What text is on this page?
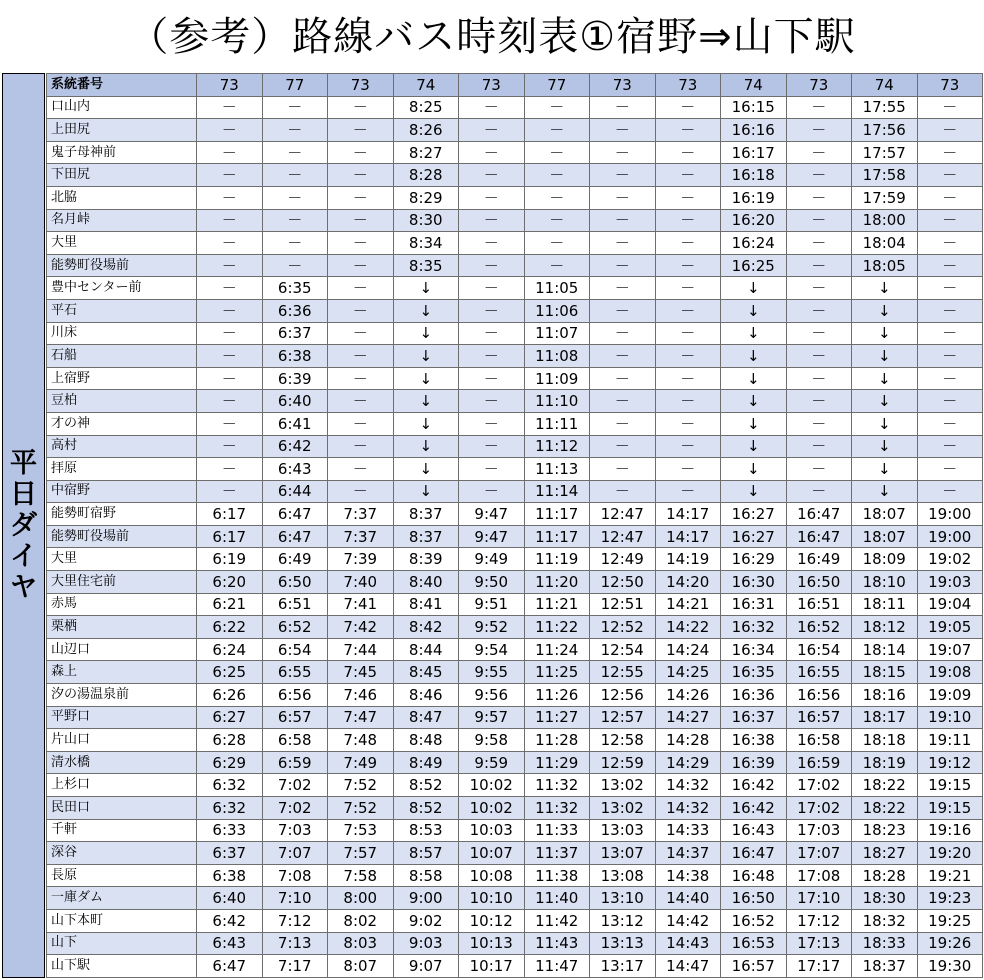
（参考）路線バス時刻表①宿野⇒山下駅
平
日
ダ
イ
ヤ
系統番号	73	77	73	74	73	77	73	73	74	73	74	73
口山内	－	－	－	8:25	－	－	－	－	16:15	－	17:55	－
上田尻	－	－	－	8:26	－	－	－	－	16:16	－	17:56	－
鬼子母神前	－	－	－	8:27	－	－	－	－	16:17	－	17:57	－
下田尻	－	－	－	8:28	－	－	－	－	16:18	－	17:58	－
北脇	－	－	－	8:29	－	－	－	－	16:19	－	17:59	－
名月峠	－	－	－	8:30	－	－	－	－	16:20	－	18:00	－
大里	－	－	－	8:34	－	－	－	－	16:24	－	18:04	－
能勢町役場前	－	－	－	8:35	－	－	－	－	16:25	－	18:05	－
豊中センター前	－	6:35	－	↓	－	11:05	－	－	↓	－	↓	－
平石	－	6:36	－	↓	－	11:06	－	－	↓	－	↓	－
川床	－	6:37	－	↓	－	11:07	－	－	↓	－	↓	－
石船	－	6:38	－	↓	－	11:08	－	－	↓	－	↓	－
上宿野	－	6:39	－	↓	－	11:09	－	－	↓	－	↓	－
豆柏	－	6:40	－	↓	－	11:10	－	－	↓	－	↓	－
才の神	－	6:41	－	↓	－	11:11	－	－	↓	－	↓	－
高村	－	6:42	－	↓	－	11:12	－	－	↓	－	↓	－
拝原	－	6:43	－	↓	－	11:13	－	－	↓	－	↓	－
中宿野	－	6:44	－	↓	－	11:14	－	－	↓	－	↓	－
能勢町宿野	6:17	6:47	7:37	8:37	9:47	11:17	12:47	14:17	16:27	16:47	18:07	19:00
能勢町役場前	6:17	6:47	7:37	8:37	9:47	11:17	12:47	14:17	16:27	16:47	18:07	19:00
大里	6:19	6:49	7:39	8:39	9:49	11:19	12:49	14:19	16:29	16:49	18:09	19:02
大里住宅前	6:20	6:50	7:40	8:40	9:50	11:20	12:50	14:20	16:30	16:50	18:10	19:03
赤馬	6:21	6:51	7:41	8:41	9:51	11:21	12:51	14:21	16:31	16:51	18:11	19:04
栗栖	6:22	6:52	7:42	8:42	9:52	11:22	12:52	14:22	16:32	16:52	18:12	19:05
山辺口	6:24	6:54	7:44	8:44	9:54	11:24	12:54	14:24	16:34	16:54	18:14	19:07
森上	6:25	6:55	7:45	8:45	9:55	11:25	12:55	14:25	16:35	16:55	18:15	19:08
汐の湯温泉前	6:26	6:56	7:46	8:46	9:56	11:26	12:56	14:26	16:36	16:56	18:16	19:09
平野口	6:27	6:57	7:47	8:47	9:57	11:27	12:57	14:27	16:37	16:57	18:17	19:10
片山口	6:28	6:58	7:48	8:48	9:58	11:28	12:58	14:28	16:38	16:58	18:18	19:11
清水橋	6:29	6:59	7:49	8:49	9:59	11:29	12:59	14:29	16:39	16:59	18:19	19:12
上杉口	6:32	7:02	7:52	8:52	10:02	11:32	13:02	14:32	16:42	17:02	18:22	19:15
民田口	6:32	7:02	7:52	8:52	10:02	11:32	13:02	14:32	16:42	17:02	18:22	19:15
千軒	6:33	7:03	7:53	8:53	10:03	11:33	13:03	14:33	16:43	17:03	18:23	19:16
深谷	6:37	7:07	7:57	8:57	10:07	11:37	13:07	14:37	16:47	17:07	18:27	19:20
長原	6:38	7:08	7:58	8:58	10:08	11:38	13:08	14:38	16:48	17:08	18:28	19:21
一庫ダム	6:40	7:10	8:00	9:00	10:10	11:40	13:10	14:40	16:50	17:10	18:30	19:23
山下本町	6:42	7:12	8:02	9:02	10:12	11:42	13:12	14:42	16:52	17:12	18:32	19:25
山下	6:43	7:13	8:03	9:03	10:13	11:43	13:13	14:43	16:53	17:13	18:33	19:26
山下駅	6:47	7:17	8:07	9:07	10:17	11:47	13:17	14:47	16:57	17:17	18:37	19:30
